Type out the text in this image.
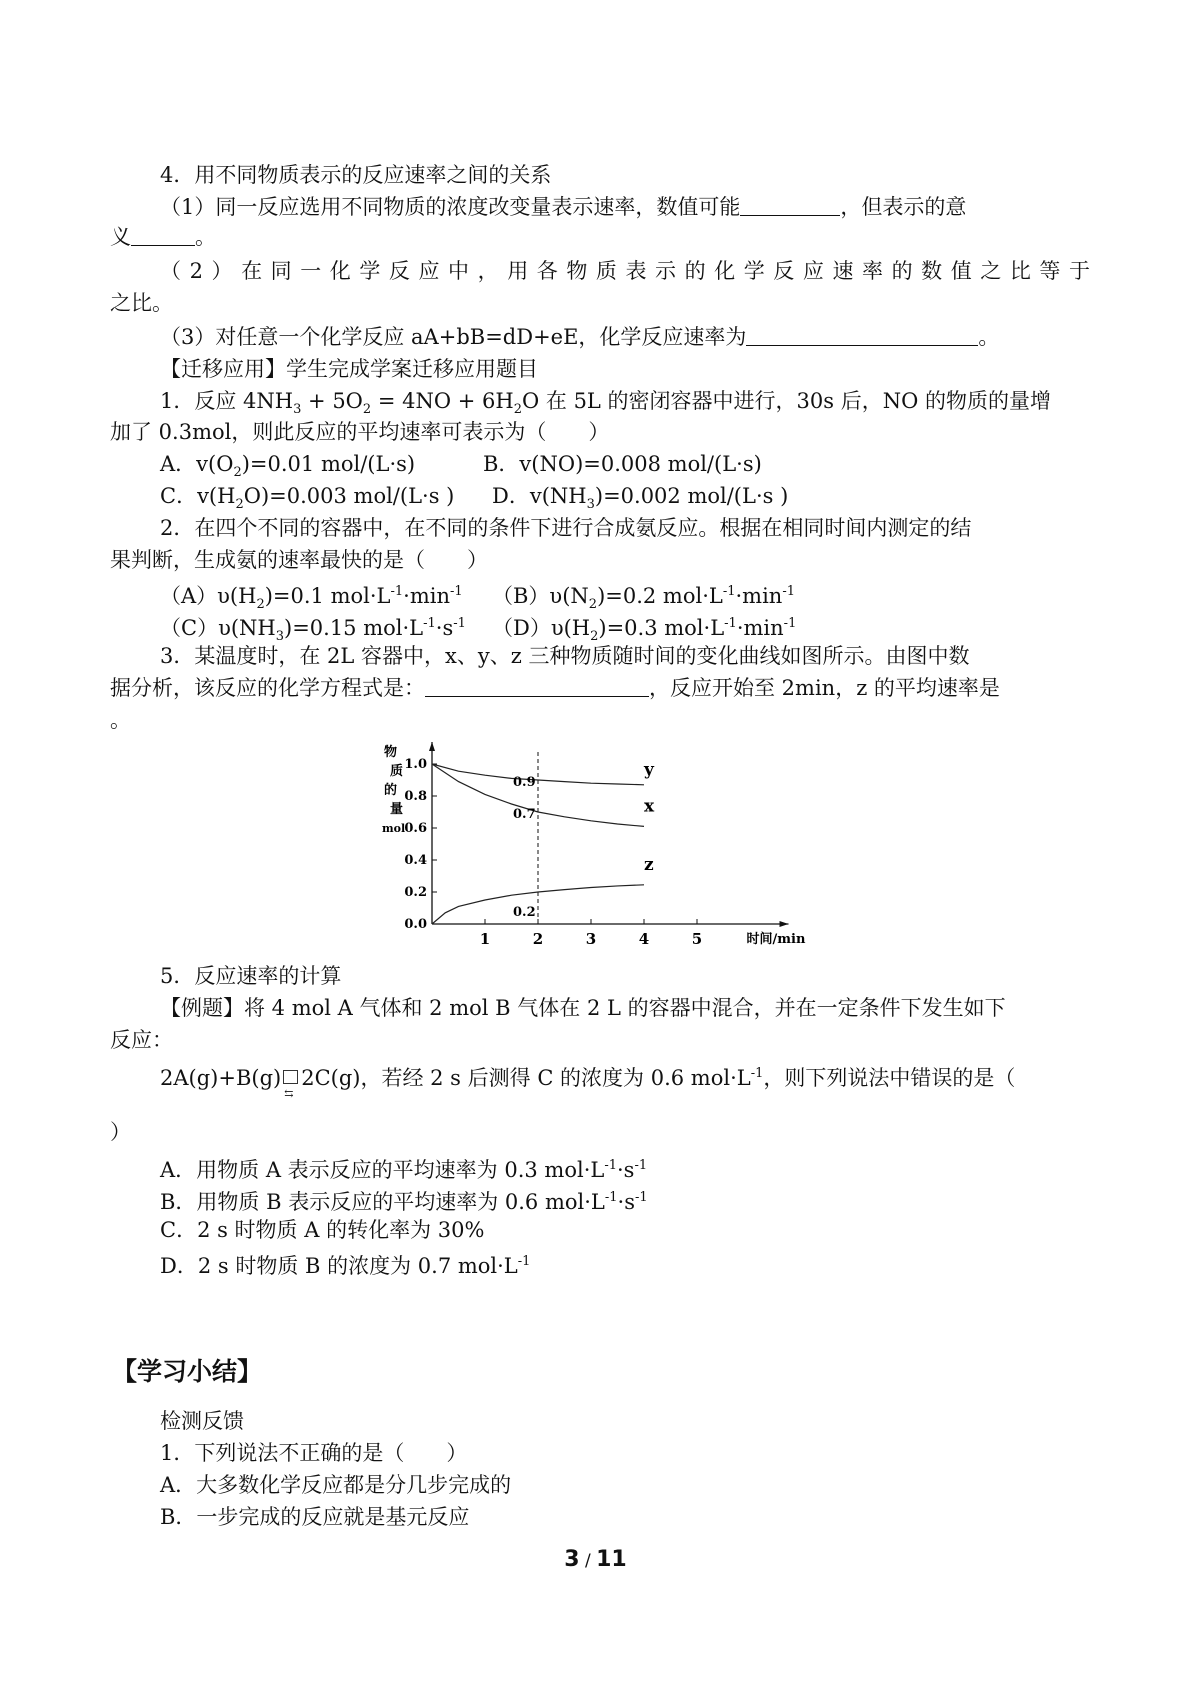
4．用不同物质表示的反应速率之间的关系
（1）同一反应选用不同物质的浓度改变量表示速率，数值可能	，但表示的意
义	。
（2）在同一化学反应中，用各物质表示的化学反应速率的数值之比等于
之比。
（3）对任意一个化学反应 aA+bB=dD+eE，化学反应速率为	。
【迁移应用】学生完成学案迁移应用题目
1．反应 $4NH_3 + 5O_2 = 4NO + 6H_2O$ 在 5L 的密闭容器中进行，30s 后，NO 的物质的量增
加了 0.3mol，则此反应的平均速率可表示为（　　）
A．$v(O_2)=0.01$ mol/(L·s)	B．v(NO)=0.008 mol/(L·s)
C．$v(H_2O)=0.003$ mol/(L·s ) D．$v(NH_3)=0.002$ mol/(L·s )
2．在四个不同的容器中，在不同的条件下进行合成氨反应。根据在相同时间内测定的结
果判断，生成氨的速率最快的是（　　）
$(A)\upsilon(H_2)=0.1$ $mol\cdot L^{-1}\cdot\min^{-1}$ $(B)\upsilon(N_2)=0.2$ $mol\cdot L^{-1}\cdot\min^{-1}$
$(C)\upsilon(NH_3)=0.15$ $mol\cdot L^{-1}\cdot s^{-1}$ $(D)\upsilon(H_2)=0.3$ $mol\cdot L^{-1}\cdot\min^{-1}$
3．某温度时，在 2L 容器中，x、y、z 三种物质随时间的变化曲线如图所示。由图中数
据分析，该反应的化学方程式是：	，反应开始至 2min，z 的平均速率是
。
0.0
0.2
0.4
0.6
0.8
1.0
1	2	3	4	5
y
x
z
0.9
0.7
0.2
物质的量 mol
时间/min
5．反应速率的计算
【例题】将 4 mol A 气体和 2 mol B 气体在 2 L 的容器中混合，并在一定条件下发生如下
反应：
2A(g)+B(g)
⇆
2C(g)，若经 2 s 后测得 C 的浓度为 0.6 $mol\cdot L^{-1}$，则下列说法中错误的是（
）
A．用物质 A 表示反应的平均速率为 0.3 $mol\cdot L^{-1}\cdot s^{-1}$
B．用物质 B 表示反应的平均速率为 0.6 $mol\cdot L^{-1}\cdot s^{-1}$
C．2 s 时物质 A 的转化率为 30%
D．2 s 时物质 B 的浓度为 0.7 $mol\cdot L^{-1}$
【学习小结】
检测反馈
1．下列说法不正确的是（　　）
A．大多数化学反应都是分几步完成的
B．一步完成的反应就是基元反应
3 / 11
